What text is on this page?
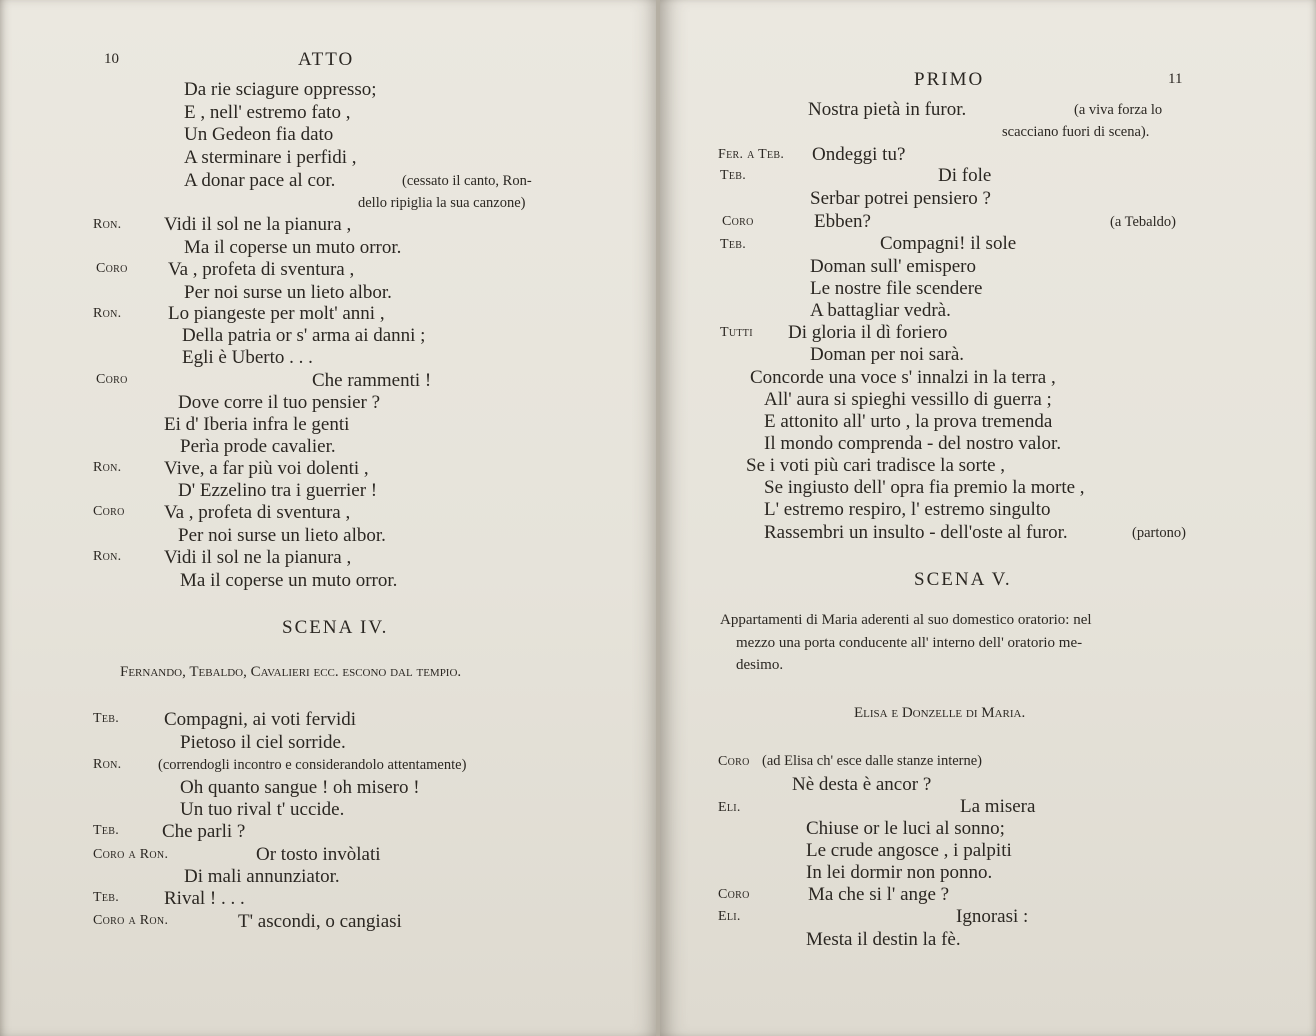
10	ATTO
Da rie sciagure oppresso;
E , nell' estremo fato ,
Un Gedeon fia dato
A sterminare i perfidi ,
A donar pace al cor.	(cessato il canto, Ron-
dello ripiglia la sua canzone)
Ron. Vidi il sol ne la pianura ,
Ma il coperse un muto orror.
Coro Va , profeta di sventura ,
Per noi surse un lieto albor.
Ron. Lo piangeste per molt' anni ,
Della patria or s' arma ai danni ;
Egli è Uberto . . .
Coro	Che rammenti !
Dove corre il tuo pensier ?
Ei d' Iberia infra le genti
Perìa prode cavalier.
Ron. Vive, a far più voi dolenti ,
D' Ezzelino tra i guerrier !
Coro Va , profeta di sventura ,
Per noi surse un lieto albor.
Ron. Vidi il sol ne la pianura ,
Ma il coperse un muto orror.
SCENA IV.
Fernando, Tebaldo, Cavalieri ecc. escono dal tempio.
Teb. Compagni, ai voti fervidi
Pietoso il ciel sorride.
Ron.	(correndogli incontro e considerandolo attentamente)
Oh quanto sangue ! oh misero !
Un tuo rival t' uccide.
Teb. Che parli ?
Coro a Ron.	Or tosto invòlati
Di mali annunziator.
Teb. Rival ! . . .
Coro a Ron.	T' ascondi, o cangiasi
PRIMO	11
Nostra pietà in furor.	(a viva forza lo
scacciano fuori di scena).
Fer. a Teb. Ondeggi tu?
Teb.	Di fole
Serbar potrei pensiero ?
Coro	Ebben?	(a Tebaldo)
Teb.	Compagni! il sole
Doman sull' emispero
Le nostre file scendere
A battagliar vedrà.
Tutti Di gloria il dì foriero
Doman per noi sarà.
Concorde una voce s' innalzi in la terra ,
All' aura si spieghi vessillo di guerra ;
E attonito all' urto , la prova tremenda
Il mondo comprenda - del nostro valor.
Se i voti più cari tradisce la sorte ,
Se ingiusto dell' opra fia premio la morte ,
L' estremo respiro, l' estremo singulto
Rassembri un insulto - dell'oste al furor.	(partono)
SCENA V.
Appartamenti di Maria aderenti al suo domestico oratorio: nel
mezzo una porta conducente all' interno dell' oratorio me-
desimo.
Elisa e Donzelle di Maria.
Coro (ad Elisa ch' esce dalle stanze interne)
Nè desta è ancor ?
Eli.	La misera
Chiuse or le luci al sonno;
Le crude angosce , i palpiti
In lei dormir non ponno.
Coro	Ma che si l' ange ?
Eli.	Ignorasi :
Mesta il destin la fè.
